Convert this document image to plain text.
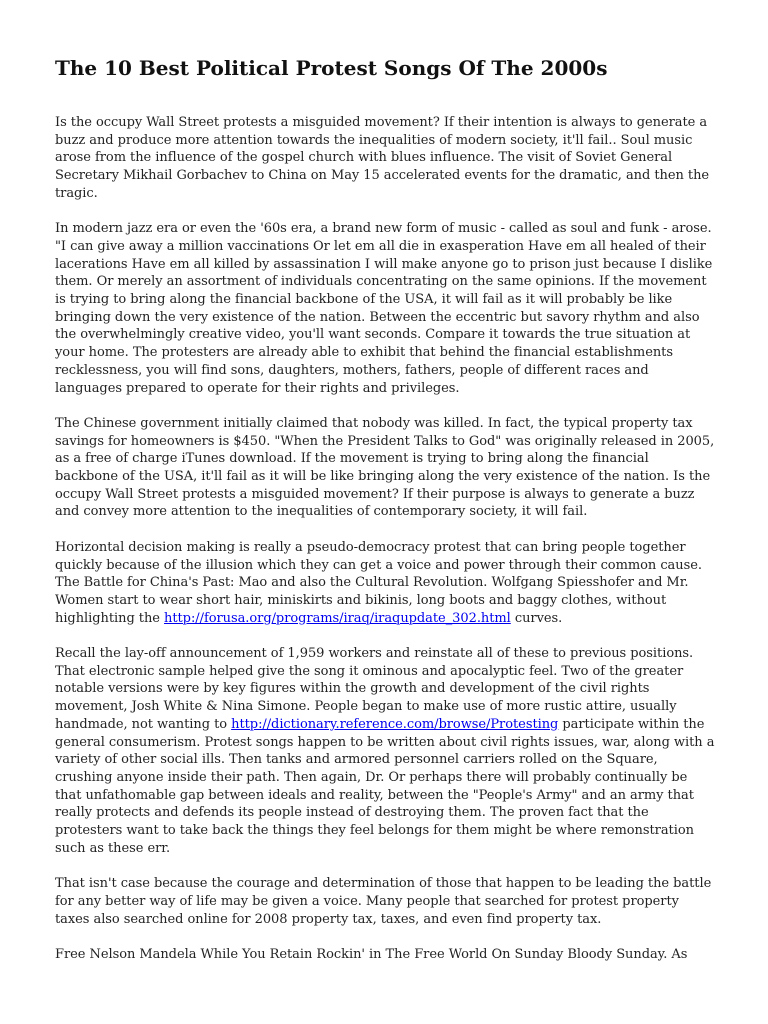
The 10 Best Political Protest Songs Of The 2000s

Is the occupy Wall Street protests a misguided movement? If their intention is always to generate a buzz and produce more attention towards the inequalities of modern society, it'll fail.. Soul music arose from the influence of the gospel church with blues influence. The visit of Soviet General Secretary Mikhail Gorbachev to China on May 15 accelerated events for the dramatic, and then the tragic.

In modern jazz era or even the '60s era, a brand new form of music - called as soul and funk - arose. "I can give away a million vaccinations Or let em all die in exasperation Have em all healed of their lacerations Have em all killed by assassination I will make anyone go to prison just because I dislike them. Or merely an assortment of individuals concentrating on the same opinions. If the movement is trying to bring along the financial backbone of the USA, it will fail as it will probably be like bringing down the very existence of the nation. Between the eccentric but savory rhythm and also the overwhelmingly creative video, you'll want seconds. Compare it towards the true situation at your home. The protesters are already able to exhibit that behind the financial establishments recklessness, you will find sons, daughters, mothers, fathers, people of different races and languages prepared to operate for their rights and privileges.

The Chinese government initially claimed that nobody was killed. In fact, the typical property tax savings for homeowners is $450. "When the President Talks to God" was originally released in 2005, as a free of charge iTunes download. If the movement is trying to bring along the financial backbone of the USA, it'll fail as it will be like bringing along the very existence of the nation. Is the occupy Wall Street protests a misguided movement? If their purpose is always to generate a buzz and convey more attention to the inequalities of contemporary society, it will fail.

Horizontal decision making is really a pseudo-democracy protest that can bring people together quickly because of the illusion which they can get a voice and power through their common cause. The Battle for China's Past: Mao and also the Cultural Revolution. Wolfgang Spiesshofer and Mr. Women start to wear short hair, miniskirts and bikinis, long boots and baggy clothes, without highlighting the http://forusa.org/programs/iraq/iraqupdate_302.html curves.

Recall the lay-off announcement of 1,959 workers and reinstate all of these to previous positions. That electronic sample helped give the song it ominous and apocalyptic feel. Two of the greater notable versions were by key figures within the growth and development of the civil rights movement, Josh White & Nina Simone. People began to make use of more rustic attire, usually handmade, not wanting to http://dictionary.reference.com/browse/Protesting participate within the general consumerism. Protest songs happen to be written about civil rights issues, war, along with a variety of other social ills. Then tanks and armored personnel carriers rolled on the Square, crushing anyone inside their path. Then again, Dr. Or perhaps there will probably continually be that unfathomable gap between ideals and reality, between the "People's Army" and an army that really protects and defends its people instead of destroying them. The proven fact that the protesters want to take back the things they feel belongs for them might be where remonstration such as these err.

That isn't case because the courage and determination of those that happen to be leading the battle for any better way of life may be given a voice. Many people that searched for protest property taxes also searched online for 2008 property tax, taxes, and even find property tax.

Free Nelson Mandela While You Retain Rockin' in The Free World On Sunday Bloody Sunday. As
